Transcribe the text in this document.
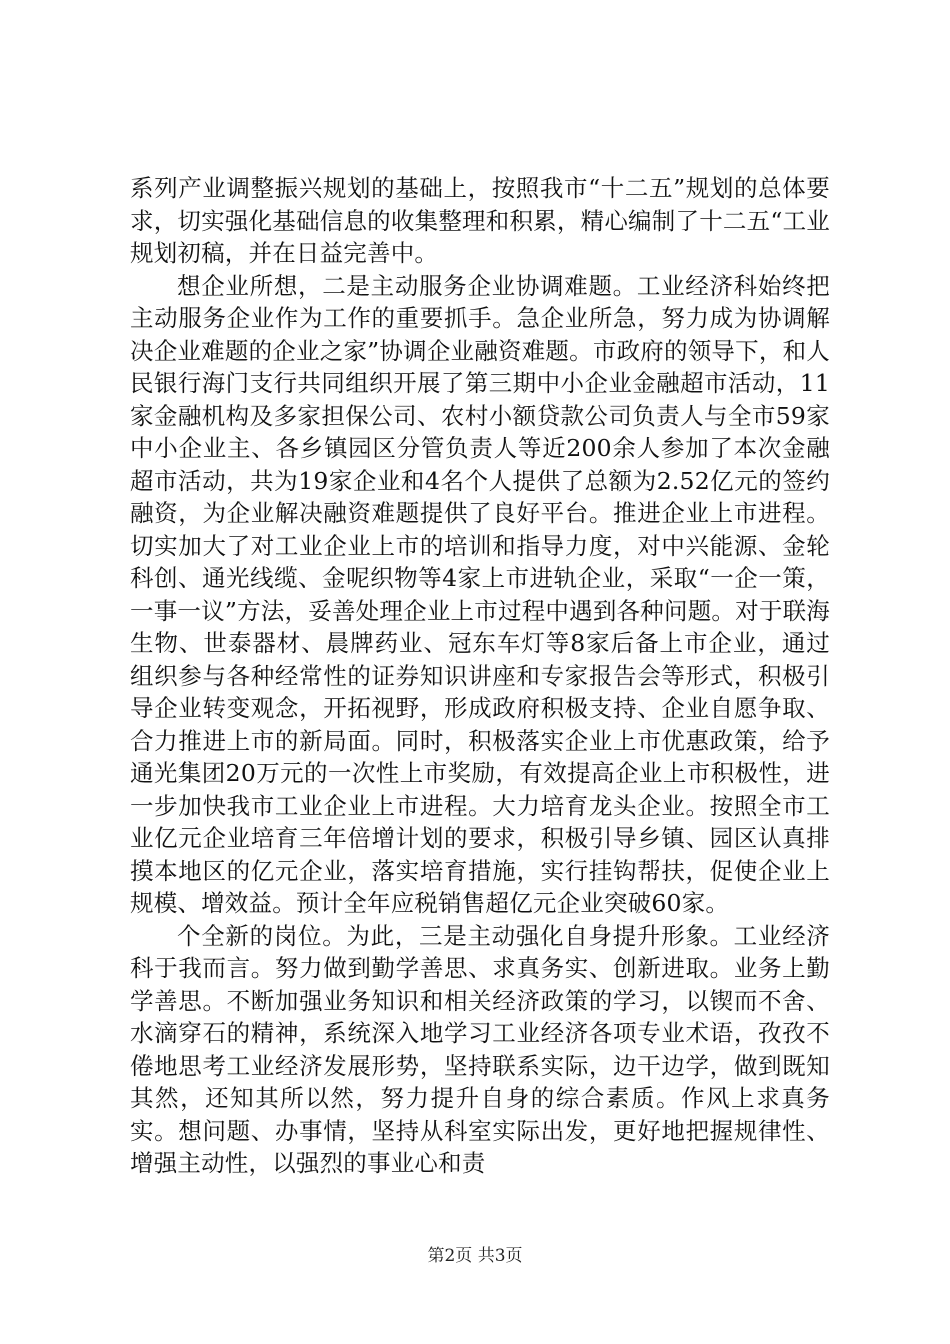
系列产业调整振兴规划的基础上，按照我市“十二五”规划的总体要求，切实强化基础信息的收集整理和积累，精心编制了十二五“工业规划初稿，并在日益完善中。

想企业所想，二是主动服务企业协调难题。工业经济科始终把主动服务企业作为工作的重要抓手。急企业所急，努力成为协调解决企业难题的企业之家”协调企业融资难题。市政府的领导下，和人民银行海门支行共同组织开展了第三期中小企业金融超市活动，11家金融机构及多家担保公司、农村小额贷款公司负责人与全市59家中小企业主、各乡镇园区分管负责人等近200余人参加了本次金融超市活动，共为19家企业和4名个人提供了总额为2.52亿元的签约融资，为企业解决融资难题提供了良好平台。推进企业上市进程。切实加大了对工业企业上市的培训和指导力度，对中兴能源、金轮科创、通光线缆、金呢织物等4家上市进轨企业，采取“一企一策，一事一议”方法，妥善处理企业上市过程中遇到各种问题。对于联海生物、世泰器材、晨牌药业、冠东车灯等8家后备上市企业，通过组织参与各种经常性的证券知识讲座和专家报告会等形式，积极引导企业转变观念，开拓视野，形成政府积极支持、企业自愿争取、合力推进上市的新局面。同时，积极落实企业上市优惠政策，给予通光集团20万元的一次性上市奖励，有效提高企业上市积极性，进一步加快我市工业企业上市进程。大力培育龙头企业。按照全市工业亿元企业培育三年倍增计划的要求，积极引导乡镇、园区认真排摸本地区的亿元企业，落实培育措施，实行挂钩帮扶，促使企业上规模、增效益。预计全年应税销售超亿元企业突破60家。

个全新的岗位。为此，三是主动强化自身提升形象。工业经济科于我而言。努力做到勤学善思、求真务实、创新进取。业务上勤学善思。不断加强业务知识和相关经济政策的学习，以锲而不舍、水滴穿石的精神，系统深入地学习工业经济各项专业术语，孜孜不倦地思考工业经济发展形势，坚持联系实际，边干边学，做到既知其然，还知其所以然，努力提升自身的综合素质。作风上求真务实。想问题、办事情，坚持从科室实际出发，更好地把握规律性、增强主动性，以强烈的事业心和责

第2页 共3页
